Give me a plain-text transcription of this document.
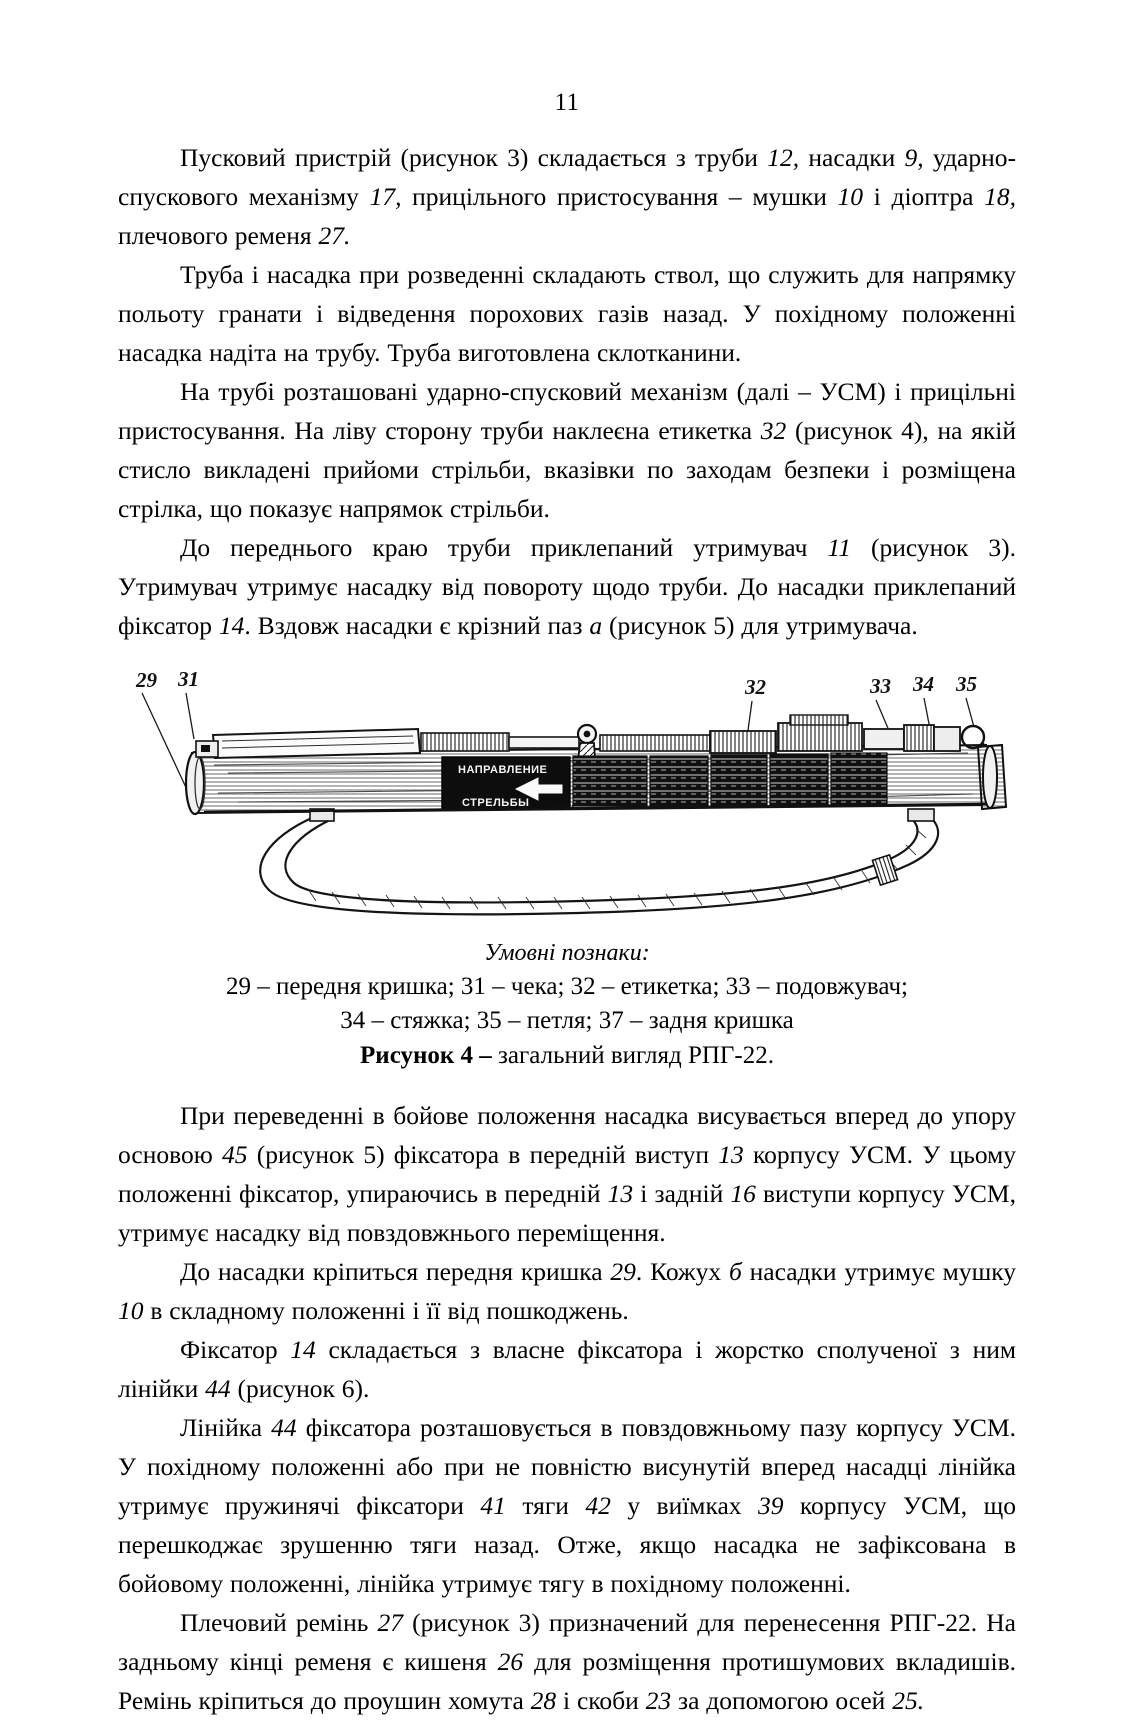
11

Пусковий пристрій (рисунок 3) складається з труби 12, насадки 9, ударно-спускового механізму 17, прицільного пристосування – мушки 10 і діоптра 18, плечового ременя 27.

Труба і насадка при розведенні складають ствол, що служить для напрямку польоту гранати і відведення порохових газів назад. У похідному положенні насадка надіта на трубу. Труба виготовлена склотканини.

На трубі розташовані ударно-спусковий механізм (далі – УСМ) і прицільні пристосування. На ліву сторону труби наклеєна етикетка 32 (рисунок 4), на якій стисло викладені прийоми стрільби, вказівки по заходам безпеки і розміщена стрілка, що показує напрямок стрільби.

До переднього краю труби приклепаний утримувач 11 (рисунок 3). Утримувач утримує насадку від повороту щодо труби. До насадки приклепаний фіксатор 14. Вздовж насадки є крізний паз а (рисунок 5) для утримувача.

29 31	32	33 34 35
НАПРАВЛЕНИЕ
СТРЕЛЬБЫ
Умовні познаки:
29 – передня кришка; 31 – чека; 32 – етикетка; 33 – подовжувач;
34 – стяжка; 35 – петля; 37 – задня кришка
Рисунок 4 – загальний вигляд РПГ-22.

При переведенні в бойове положення насадка висувається вперед до упору основою 45 (рисунок 5) фіксатора в передній виступ 13 корпусу УСМ. У цьому положенні фіксатор, упираючись в передній 13 і задній 16 виступи корпусу УСМ, утримує насадку від повздовжнього переміщення.

До насадки кріпиться передня кришка 29. Кожух б насадки утримує мушку 10 в складному положенні і її від пошкоджень.

Фіксатор 14 складається з власне фіксатора і жорстко сполученої з ним лінійки 44 (рисунок 6).

Лінійка 44 фіксатора розташовується в повздовжньому пазу корпусу УСМ. У похідному положенні або при не повністю висунутій вперед насадці лінійка утримує пружинячі фіксатори 41 тяги 42 у виїмках 39 корпусу УСМ, що перешкоджає зрушенню тяги назад. Отже, якщо насадка не зафіксована в бойовому положенні, лінійка утримує тягу в похідному положенні.

Плечовий ремінь 27 (рисунок 3) призначений для перенесення РПГ-22. На задньому кінці ременя є кишеня 26 для розміщення протишумових вкладишів. Ремінь кріпиться до проушин хомута 28 і скоби 23 за допомогою осей 25.
